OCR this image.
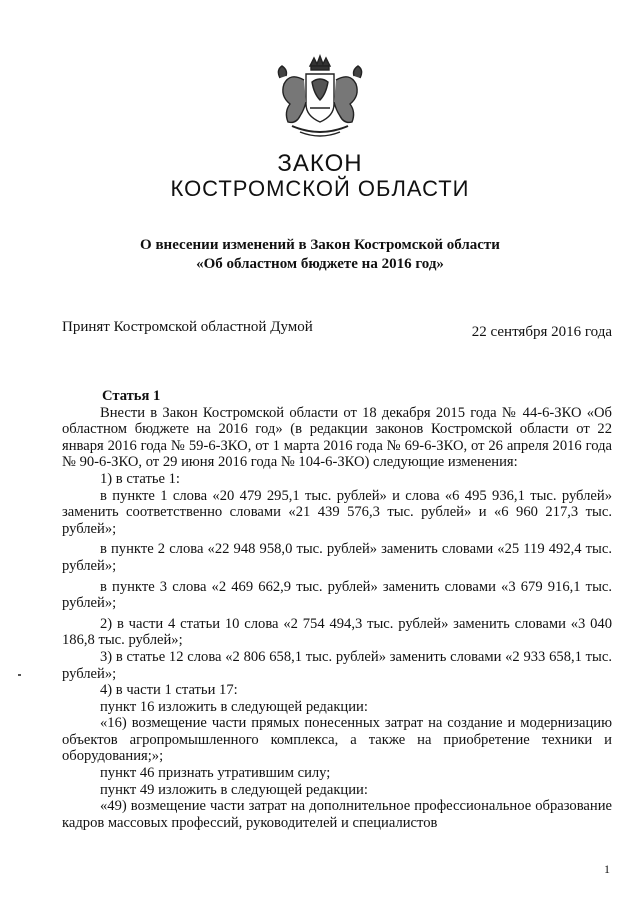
ЗАКОН
КОСТРОМСКОЙ ОБЛАСТИ
О внесении изменений в Закон Костромской области
«Об областном бюджете на 2016 год»
Принят Костромской областной Думой	22 сентября 2016 года
Статья 1

Внести в Закон Костромской области от 18 декабря 2015 года № 44-6-ЗКО «Об областном бюджете на 2016 год» (в редакции законов Костромской области от 22 января 2016 года № 59-6-ЗКО, от 1 марта 2016 года № 69-6-ЗКО, от 26 апреля 2016 года № 90-6-ЗКО, от 29 июня 2016 года № 104-6-ЗКО) следующие изменения:

1) в статье 1:

в пункте 1 слова «20 479 295,1 тыс. рублей» и слова «6 495 936,1 тыс. рублей» заменить соответственно словами «21 439 576,3 тыс. рублей» и «6 960 217,3 тыс. рублей»;

в пункте 2 слова «22 948 958,0 тыс. рублей» заменить словами «25 119 492,4 тыс. рублей»;

в пункте 3 слова «2 469 662,9 тыс. рублей» заменить словами «3 679 916,1 тыс. рублей»;

2) в части 4 статьи 10 слова «2 754 494,3 тыс. рублей» заменить словами «3 040 186,8 тыс. рублей»;

3) в статье 12 слова «2 806 658,1 тыс. рублей» заменить словами «2 933 658,1 тыс. рублей»;

4) в части 1 статьи 17:

пункт 16 изложить в следующей редакции:

«16) возмещение части прямых понесенных затрат на создание и модернизацию объектов агропромышленного комплекса, а также на приобретение техники и оборудования;»;

пункт 46 признать утратившим силу;

пункт 49 изложить в следующей редакции:

«49) возмещение части затрат на дополнительное профессиональное образование кадров массовых профессий, руководителей и специалистов

1
